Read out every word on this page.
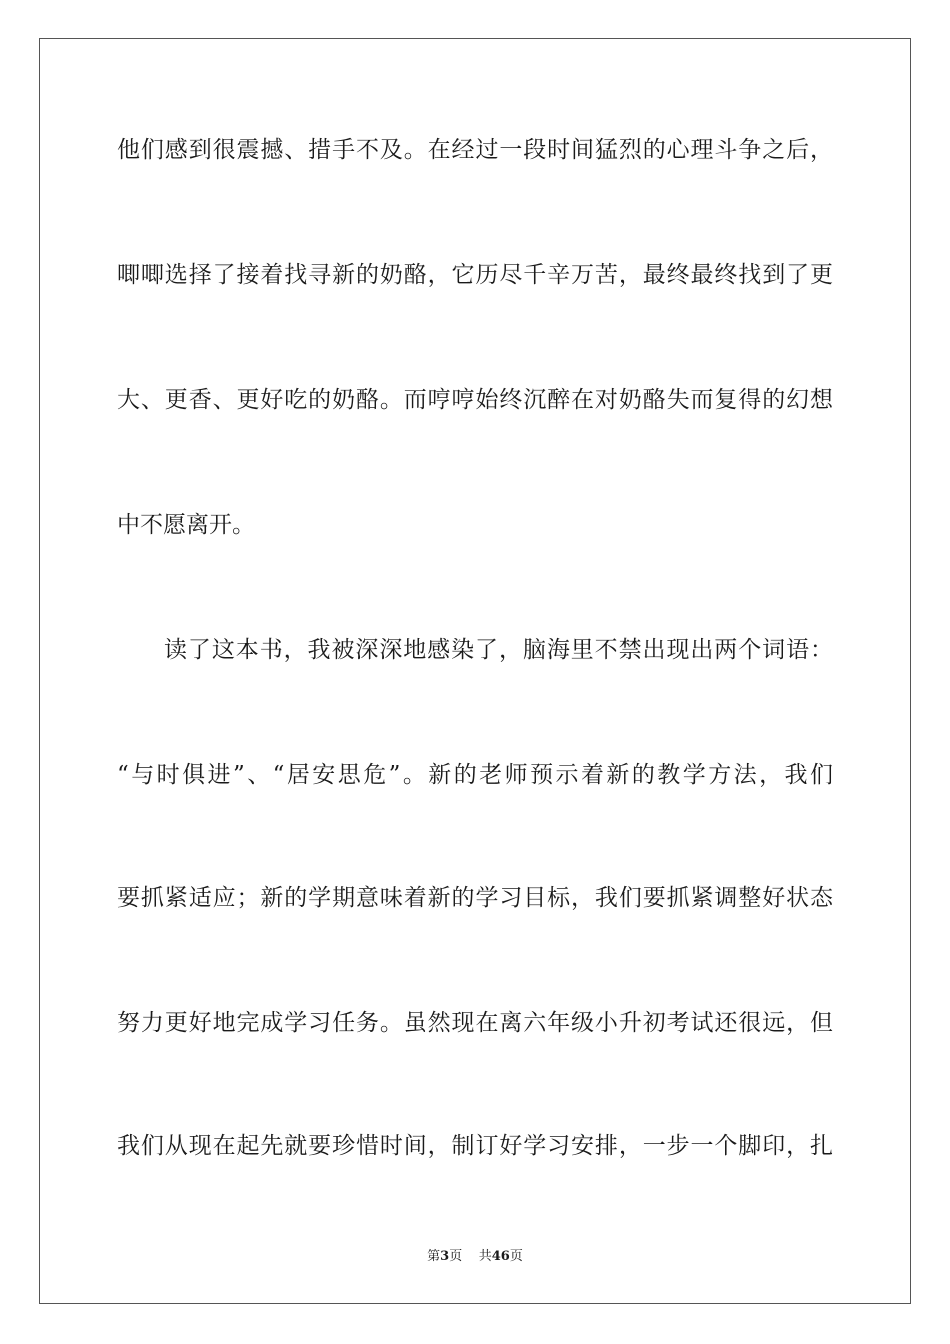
他们感到很震撼、措手不及。在经过一段时间猛烈的心理斗争之后，
唧唧选择了接着找寻新的奶酪，它历尽千辛万苦，最终最终找到了更
大、更香、更好吃的奶酪。而哼哼始终沉醉在对奶酪失而复得的幻想
中不愿离开。
读了这本书，我被深深地感染了，脑海里不禁出现出两个词语：
“与时俱进”、“居安思危”。新的老师预示着新的教学方法，我们
要抓紧适应；新的学期意味着新的学习目标，我们要抓紧调整好状态
努力更好地完成学习任务。虽然现在离六年级小升初考试还很远，但
我们从现在起先就要珍惜时间，制订好学习安排，一步一个脚印，扎
第3页 共46页
